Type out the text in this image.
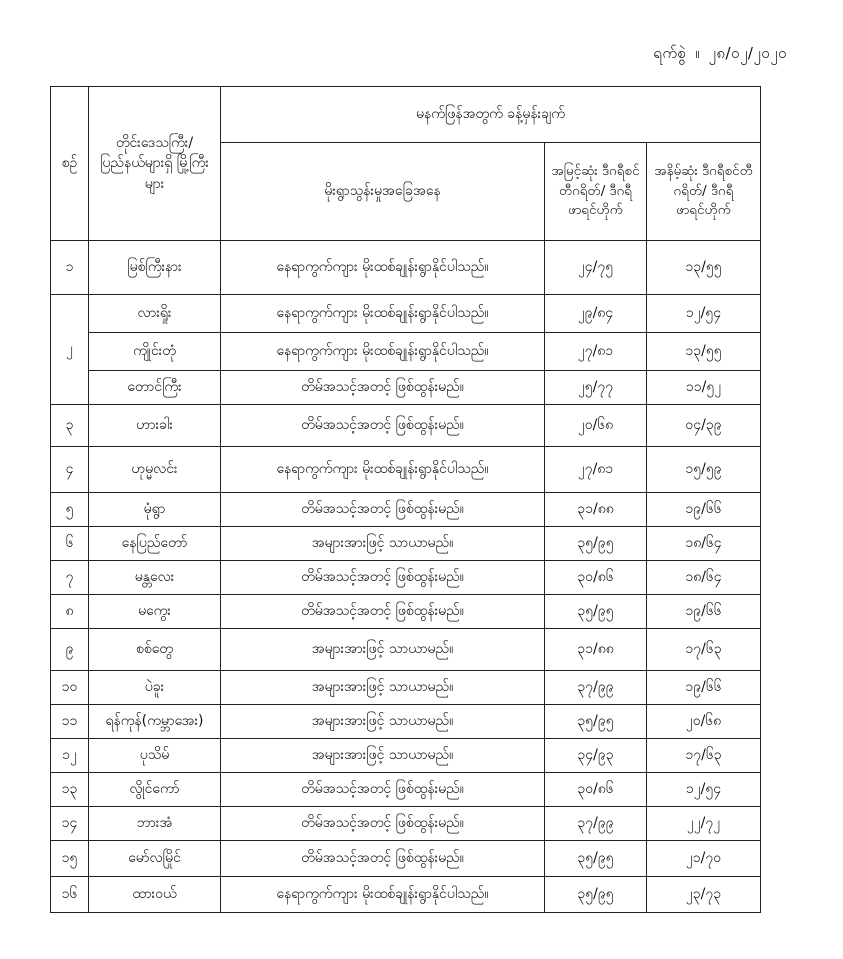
ရက်စွဲ ။ ၂၈/၀၂/၂၀၂၀
စဉ်	တိုင်းဒေသကြီး/ ပြည်နယ်များရှိ မြို့ကြီးများ	မနက်ဖြန်အတွက် ခန့်မှန်းချက်		
		မိုးရွာသွန်းမှုအခြေအနေ	အမြင့်ဆုံး ဒီဂရီစင်တီဂရိတ်/ ဒီဂရီဖာရင်ဟိုက်	အနိမ့်ဆုံး ဒီဂရီစင်တီဂရိတ်/ ဒီဂရီဖာရင်ဟိုက်
၁	မြစ်ကြီးနား	နေရာကွက်ကျား မိုးထစ်ချုန်းရွာနိုင်ပါသည်။	၂၄/၇၅	၁၃/၅၅
၂	လားရှိုး	နေရာကွက်ကျား မိုးထစ်ချုန်းရွာနိုင်ပါသည်။	၂၉/၈၄	၁၂/၅၄
	ကျိုင်းတုံ	နေရာကွက်ကျား မိုးထစ်ချုန်းရွာနိုင်ပါသည်။	၂၇/၈၁	၁၃/၅၅
	တောင်ကြီး	တိမ်အသင့်အတင့် ဖြစ်ထွန်းမည်။	၂၅/၇၇	၁၁/၅၂
၃	ဟားခါး	တိမ်အသင့်အတင့် ဖြစ်ထွန်းမည်။	၂၀/၆၈	၀၄/၃၉
၄	ဟုမ္မလင်း	နေရာကွက်ကျား မိုးထစ်ချုန်းရွာနိုင်ပါသည်။	၂၇/၈၁	၁၅/၅၉
၅	မုံရွာ	တိမ်အသင့်အတင့် ဖြစ်ထွန်းမည်။	၃၁/၈၈	၁၉/၆၆
၆	နေပြည်တော်	အများအားဖြင့် သာယာမည်။	၃၅/၉၅	၁၈/၆၄
၇	မန္တလေး	တိမ်အသင့်အတင့် ဖြစ်ထွန်းမည်။	၃၀/၈၆	၁၈/၆၄
၈	မကွေး	တိမ်အသင့်အတင့် ဖြစ်ထွန်းမည်။	၃၅/၉၅	၁၉/၆၆
၉	စစ်တွေ	အများအားဖြင့် သာယာမည်။	၃၁/၈၈	၁၇/၆၃
၁၀	ပဲခူး	အများအားဖြင့် သာယာမည်။	၃၇/၉၉	၁၉/၆၆
၁၁	ရန်ကုန်(ကမ္ဘာအေး)	အများအားဖြင့် သာယာမည်။	၃၅/၉၅	၂၀/၆၈
၁၂	ပုသိမ်	အများအားဖြင့် သာယာမည်။	၃၄/၉၃	၁၇/၆၃
၁၃	လွိုင်ကော်	တိမ်အသင့်အတင့် ဖြစ်ထွန်းမည်။	၃၀/၈၆	၁၂/၅၄
၁၄	ဘားအံ	တိမ်အသင့်အတင့် ဖြစ်ထွန်းမည်။	၃၇/၉၉	၂၂/၇၂
၁၅	မော်လမြိုင်	တိမ်အသင့်အတင့် ဖြစ်ထွန်းမည်။	၃၅/၉၅	၂၁/၇၀
၁၆	ထားဝယ်	နေရာကွက်ကျား မိုးထစ်ချုန်းရွာနိုင်ပါသည်။	၃၅/၉၅	၂၃/၇၃
